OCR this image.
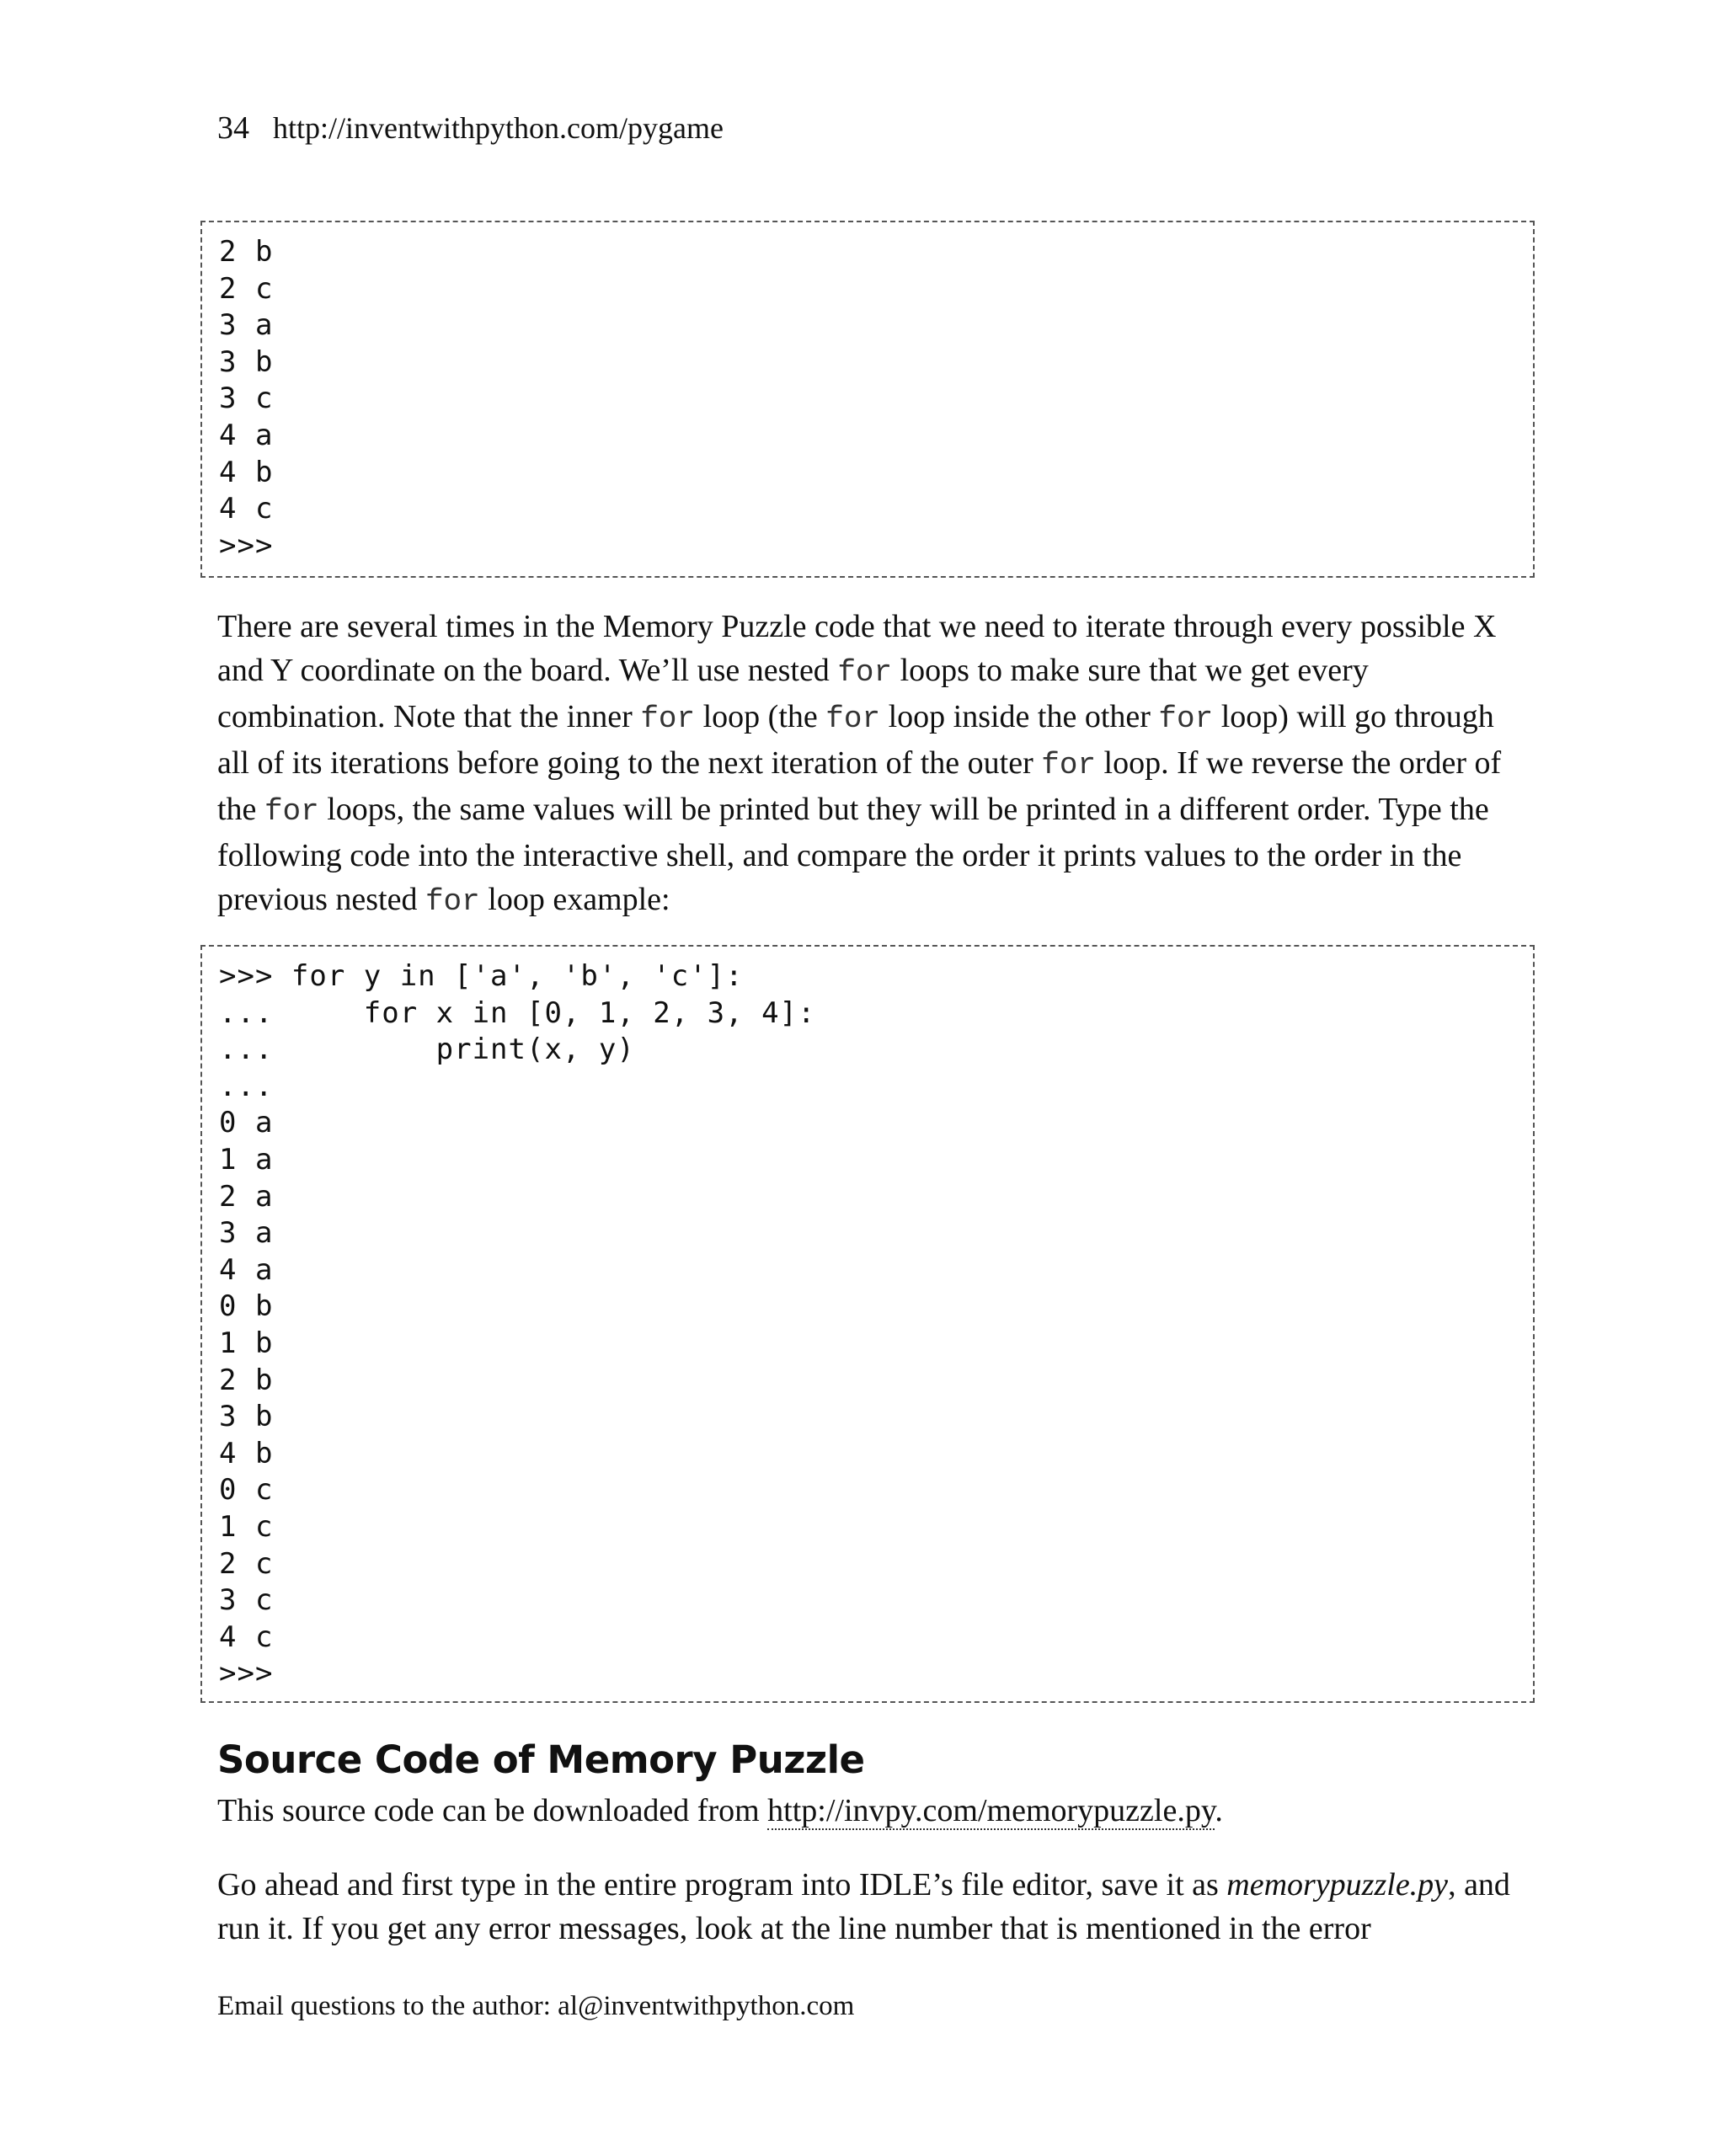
34 http://inventwithpython.com/pygame
2 b
2 c
3 a
3 b
3 c
4 a
4 b
4 c
>>>

There are several times in the Memory Puzzle code that we need to iterate through every possible X and Y coordinate on the board. We’ll use nested for loops to make sure that we get every combination. Note that the inner for loop (the for loop inside the other for loop) will go through all of its iterations before going to the next iteration of the outer for loop. If we reverse the order of the for loops, the same values will be printed but they will be printed in a different order. Type the following code into the interactive shell, and compare the order it prints values to the order in the previous nested for loop example:

>>> for y in ['a', 'b', 'c']:
...     for x in [0, 1, 2, 3, 4]:
...         print(x, y)
...
0 a
1 a
2 a
3 a
4 a
0 b
1 b
2 b
3 b
4 b
0 c
1 c
2 c
3 c
4 c
>>>
Source Code of Memory Puzzle

This source code can be downloaded from http://invpy.com/memorypuzzle.py.

Go ahead and first type in the entire program into IDLE’s file editor, save it as memorypuzzle.py, and run it. If you get any error messages, look at the line number that is mentioned in the error

Email questions to the author: al@inventwithpython.com
